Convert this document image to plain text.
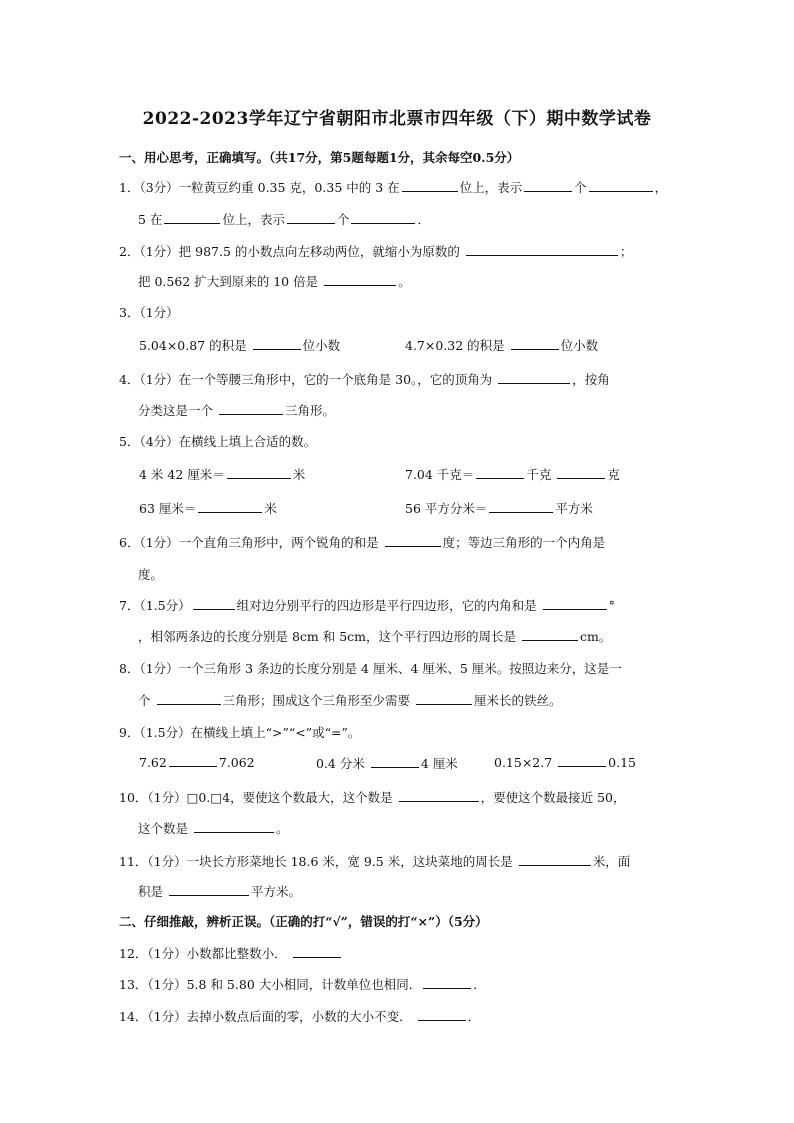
2022-2023学年辽宁省朝阳市北票市四年级（下）期中数学试卷
一、用心思考，正确填写。（共17分，第5题每题1分，其余每空0.5分）
1．（3分）一粒黄豆约重 0.35 克，0.35 中的 3 在	位上，表示	个	，
5 在	位上，表示	个	．
2．（1分）把 987.5 的小数点向左移动两位，就缩小为原数的	；
把 0.562 扩大到原来的 10 倍是	。
3．（1分）
5.04×0.87 的积是	位小数	4.7×0.32 的积是	位小数
4．（1分）在一个等腰三角形中，它的一个底角是 30。，它的顶角为	，按角
分类这是一个	三角形。
5．（4分）在横线上填上合适的数。
4 米 42 厘米＝	米	7.04 千克＝	千克	克
63 厘米＝	米	56 平方分米＝	平方米
6．（1分）一个直角三角形中，两个锐角的和是	度；等边三角形的一个内角是
度。
7．（1.5分）	组对边分别平行的四边形是平行四边形，它的内角和是	°
，相邻两条边的长度分别是 8cm 和 5cm，这个平行四边形的周长是	cm。
8．（1分）一个三角形 3 条边的长度分别是 4 厘米、4 厘米、5 厘米。按照边来分，这是一
个	三角形；围成这个三角形至少需要	厘米长的铁丝。
9．（1.5分）在横线上填上“>”“<”或“=”。
7.62	7.062	0.4 分米	4 厘米	0.15×2.7	0.15
10．（1分）□0.□4，要使这个数最大，这个数是	，要使这个数最接近 50，
这个数是	。
11．（1分）一块长方形菜地长 18.6 米，宽 9.5 米，这块菜地的周长是	米，面
积是	平方米。
二、仔细推敲，辨析正误。（正确的打“√”，错误的打“×”）（5分）
12．（1分）小数都比整数小．
13．（1分）5.8 和 5.80 大小相同，计数单位也相同．	．
14．（1分）去掉小数点后面的零，小数的大小不变．	．
